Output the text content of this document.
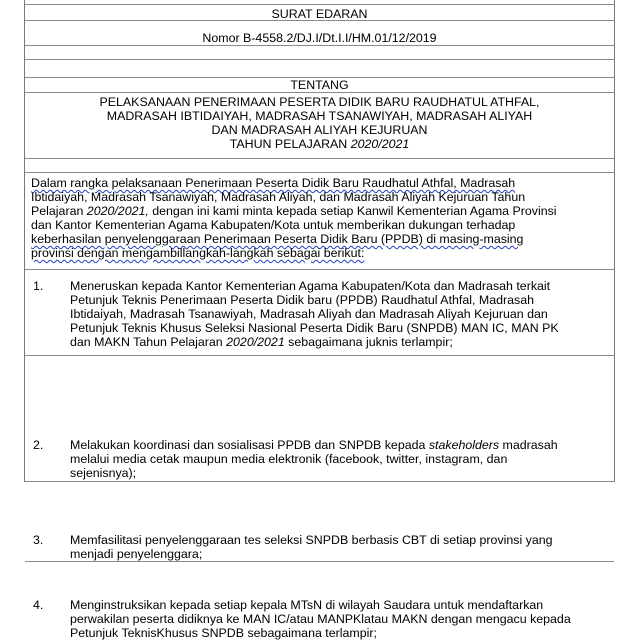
SURAT EDARAN
Nomor B-4558.2/DJ.I/Dt.I.I/HM.01/12/2019
TENTANG
PELAKSANAAN PENERIMAAN PESERTA DIDIK BARU RAUDHATUL ATHFAL,
MADRASAH IBTIDAIYAH, MADRASAH TSANAWIYAH, MADRASAH ALIYAH
DAN MADRASAH ALIYAH KEJURUAN
TAHUN PELAJARAN 2020/2021
Dalam rangka pelaksanaan Penerimaan Peserta Didik Baru Raudhatul Athfal, Madrasah
Ibtidaiyah, Madrasah Tsanawiyah, Madrasah Aliyah, dan Madrasah Aliyah Kejuruan Tahun
Pelajaran 2020/2021, dengan ini kami minta kepada setiap Kanwil Kementerian Agama Provinsi
dan Kantor Kementerian Agama Kabupaten/Kota untuk memberikan dukungan terhadap
keberhasilan penyelenggaraan Penerimaan Peserta Didik Baru (PPDB) di masing-masing
provinsi dengan mengambillangkah-langkah sebagai berikut:
1. Meneruskan kepada Kantor Kementerian Agama Kabupaten/Kota dan Madrasah terkait
Petunjuk Teknis Penerimaan Peserta Didik baru (PPDB) Raudhatul Athfal, Madrasah
Ibtidaiyah, Madrasah Tsanawiyah, Madrasah Aliyah dan Madrasah Aliyah Kejuruan dan
Petunjuk Teknis Khusus Seleksi Nasional Peserta Didik Baru (SNPDB) MAN IC, MAN PK
dan MAKN Tahun Pelajaran 2020/2021 sebagaimana juknis terlampir;
2. Melakukan koordinasi dan sosialisasi PPDB dan SNPDB kepada stakeholders madrasah
melalui media cetak maupun media elektronik (facebook, twitter, instagram, dan
sejenisnya);
3. Memfasilitasi penyelenggaraan tes seleksi SNPDB berbasis CBT di setiap provinsi yang
menjadi penyelenggara;
4. Menginstruksikan kepada setiap kepala MTsN di wilayah Saudara untuk mendaftarkan
perwakilan peserta didiknya ke MAN IC/atau MANPKlatau MAKN dengan mengacu kepada
Petunjuk TeknisKhusus SNPDB sebagaimana terlampir;
